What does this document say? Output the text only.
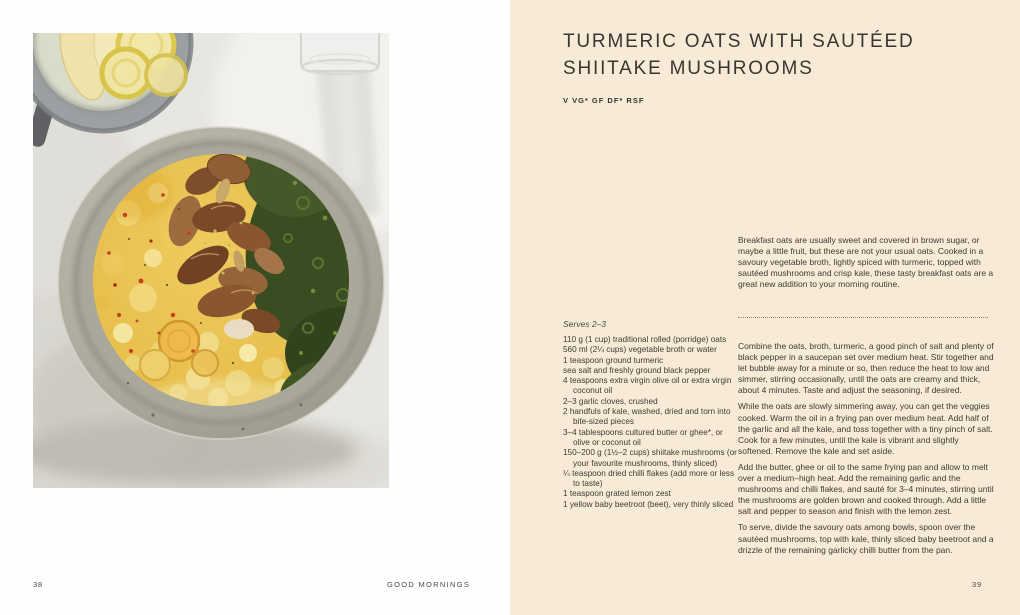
38	GOOD MORNINGS
TURMERIC OATS WITH SAUTÉED
SHIITAKE MUSHROOMS
V VG* GF DF* RSF

Breakfast oats are usually sweet and covered in brown sugar, or maybe a little fruit, but these are not your usual oats. Cooked in a savoury vegetable broth, lightly spiced with turmeric, topped with sautéed mushrooms and crisp kale, these tasty breakfast oats are a great new addition to your morning routine.

Serves 2–3
110 g (1 cup) traditional rolled (porridge) oats
560 ml (2¼ cups) vegetable broth or water
1 teaspoon ground turmeric
sea salt and freshly ground black pepper
4 teaspoons extra virgin olive oil or extra virgin coconut oil
2–3 garlic cloves, crushed
2 handfuls of kale, washed, dried and torn into bite-sized pieces
3–4 tablespoons cultured butter or ghee*, or olive or coconut oil
150–200 g (1½–2 cups) shiitake mushrooms (or your favourite mushrooms, thinly sliced)
¼ teaspoon dried chilli flakes (add more or less to taste)
1 teaspoon grated lemon zest
1 yellow baby beetroot (beet), very thinly sliced

Combine the oats, broth, turmeric, a good pinch of salt and plenty of black pepper in a saucepan set over medium heat. Stir together and let bubble away for a minute or so, then reduce the heat to low and simmer, stirring occasionally, until the oats are creamy and thick, about 4 minutes. Taste and adjust the seasoning, if desired.

While the oats are slowly simmering away, you can get the veggies cooked. Warm the oil in a frying pan over medium heat. Add half of the garlic and all the kale, and toss together with a tiny pinch of salt. Cook for a few minutes, until the kale is vibrant and slightly softened. Remove the kale and set aside.

Add the butter, ghee or oil to the same frying pan and allow to melt over a medium–high heat. Add the remaining garlic and the mushrooms and chilli flakes, and sauté for 3–4 minutes, stirring until the mushrooms are golden brown and cooked through. Add a little salt and pepper to season and finish with the lemon zest.

To serve, divide the savoury oats among bowls, spoon over the sautéed mushrooms, top with kale, thinly sliced baby beetroot and a drizzle of the remaining garlicky chilli butter from the pan.

39
